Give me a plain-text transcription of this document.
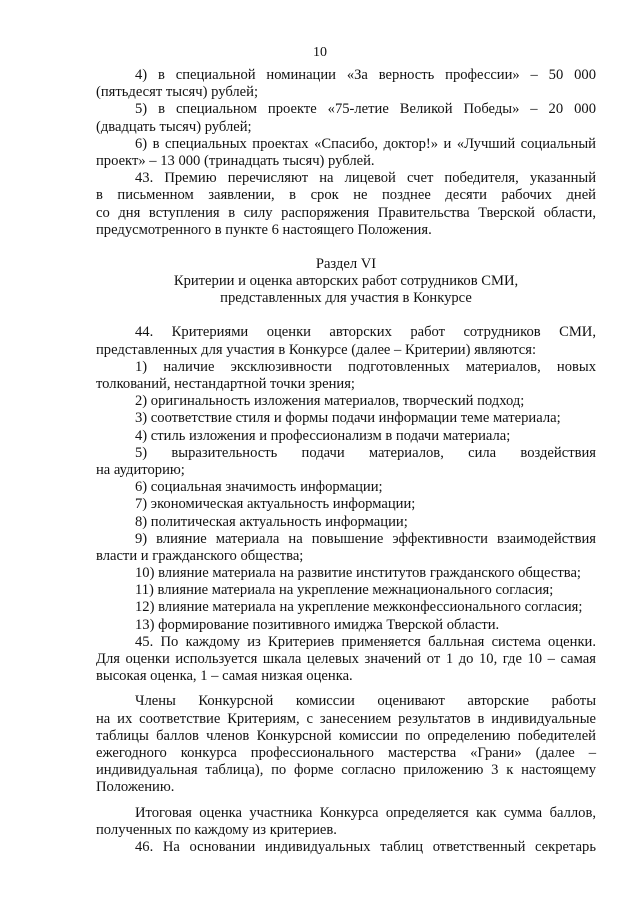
10
4) в специальной номинации «За верность профессии» – 50 000
(пятьдесят тысяч) рублей;
5) в специальном проекте «75-летие Великой Победы» – 20 000
(двадцать тысяч) рублей;
6) в специальных проектах «Спасибо, доктор!» и «Лучший социальный
проект» – 13 000 (тринадцать тысяч) рублей.
43. Премию перечисляют на лицевой счет победителя, указанный
в письменном заявлении, в срок не позднее десяти рабочих дней
со дня вступления в силу распоряжения Правительства Тверской области,
предусмотренного в пункте 6 настоящего Положения.
Раздел VI
Критерии и оценка авторских работ сотрудников СМИ,
представленных для участия в Конкурсе
44. Критериями оценки авторских работ сотрудников СМИ,
представленных для участия в Конкурсе (далее – Критерии) являются:
1) наличие эксклюзивности подготовленных материалов, новых
толкований, нестандартной точки зрения;
2) оригинальность изложения материалов, творческий подход;
3) соответствие стиля и формы подачи информации теме материала;
4) стиль изложения и профессионализм в подачи материала;
5) выразительность подачи материалов, сила воздействия
на аудиторию;
6) социальная значимость информации;
7) экономическая актуальность информации;
8) политическая актуальность информации;
9) влияние материала на повышение эффективности взаимодействия
власти и гражданского общества;
10) влияние материала на развитие институтов гражданского общества;
11) влияние материала на укрепление межнационального согласия;
12) влияние материала на укрепление межконфессионального согласия;
13) формирование позитивного имиджа Тверской области.
45. По каждому из Критериев применяется балльная система оценки.
Для оценки используется шкала целевых значений от 1 до 10, где 10 – самая
высокая оценка, 1 – самая низкая оценка.
Члены Конкурсной комиссии оценивают авторские работы
на их соответствие Критериям, с занесением результатов в индивидуальные
таблицы баллов членов Конкурсной комиссии по определению победителей
ежегодного конкурса профессионального мастерства «Грани» (далее –
индивидуальная таблица), по форме согласно приложению 3 к настоящему
Положению.
Итоговая оценка участника Конкурса определяется как сумма баллов,
полученных по каждому из критериев.
46. На основании индивидуальных таблиц ответственный секретарь
